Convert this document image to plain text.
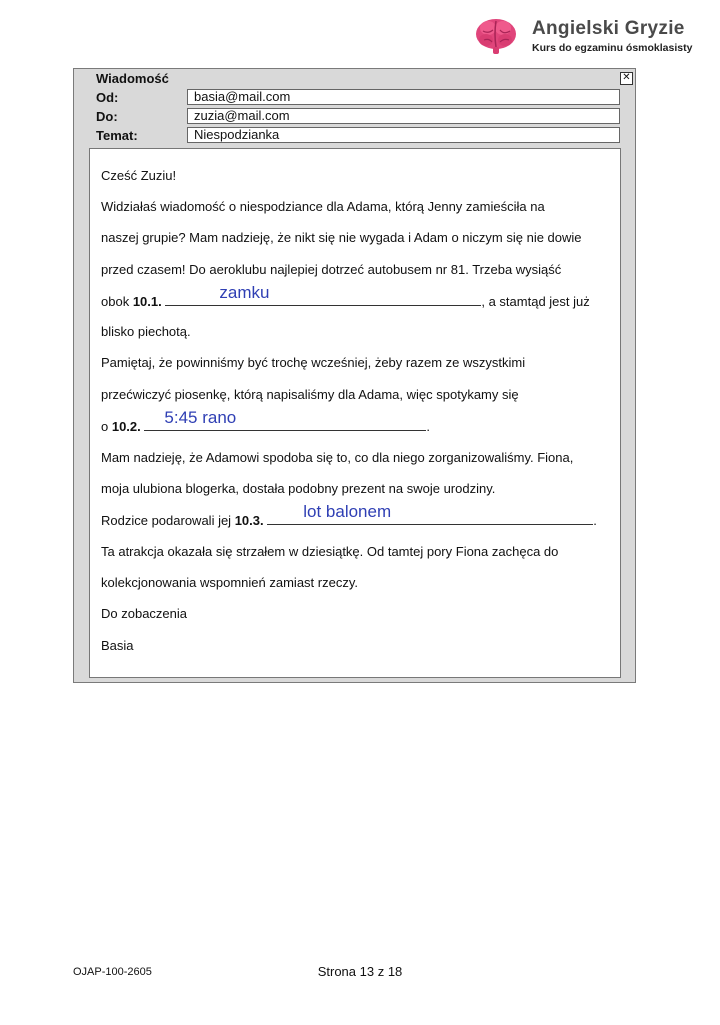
Angielski Gryzie
Kurs do egzaminu ósmoklasisty
Wiadomość	✕
Od:	basia@mail.com
Do:	zuzia@mail.com
Temat:	Niespodzianka
Cześć Zuziu!
Widziałaś wiadomość o niespodziance dla Adama, którą Jenny zamieściła na
naszej grupie? Mam nadzieję, że nikt się nie wygada i Adam o niczym się nie dowie
przed czasem! Do aeroklubu najlepiej dotrzeć autobusem nr 81. Trzeba wysiąść
obok 10.1.	zamku	, a stamtąd jest już
blisko piechotą.
Pamiętaj, że powinniśmy być trochę wcześniej, żeby razem ze wszystkimi
przećwiczyć piosenkę, którą napisaliśmy dla Adama, więc spotykamy się
o 10.2. 5:45 rano	.
Mam nadzieję, że Adamowi spodoba się to, co dla niego zorganizowaliśmy. Fiona,
moja ulubiona blogerka, dostała podobny prezent na swoje urodziny.
Rodzice podarowali jej 10.3. lot balonem	.
Ta atrakcja okazała się strzałem w dziesiątkę. Od tamtej pory Fiona zachęca do
kolekcjonowania wspomnień zamiast rzeczy.
Do zobaczenia
Basia
OJAP-100-2605	Strona 13 z 18
